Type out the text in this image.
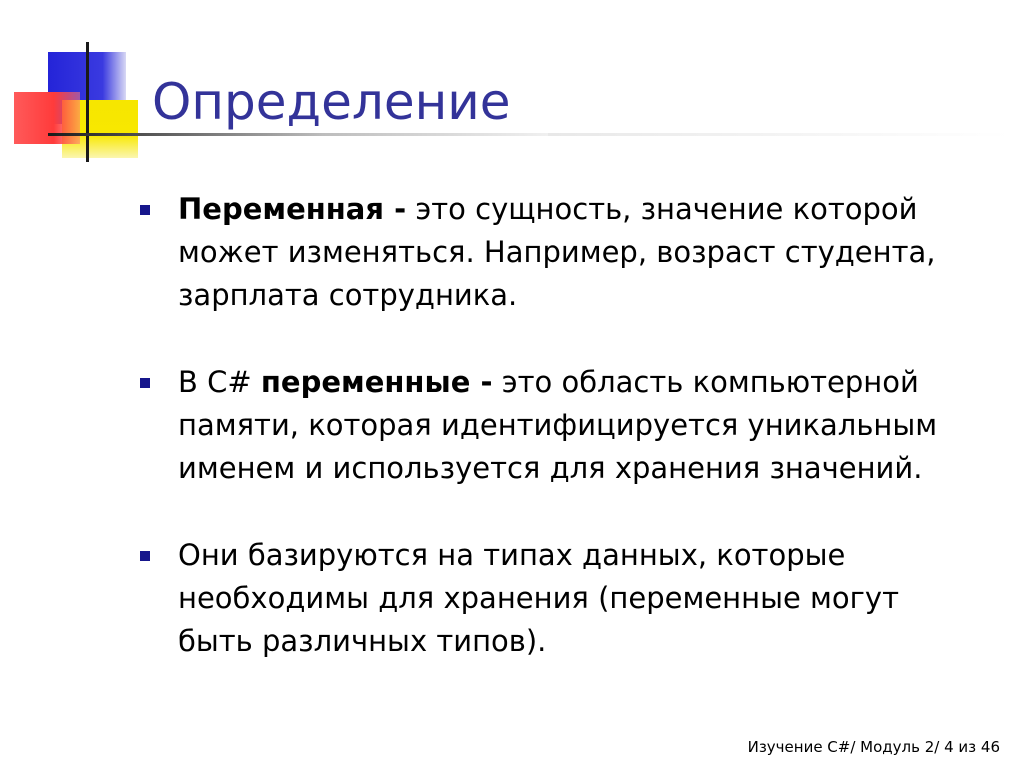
Определение
Переменная - это сущность, значение которой может изменяться. Например, возраст студента, зарплата сотрудника.
В С# переменные - это область компьютерной памяти, которая идентифицируется уникальным именем и используется для хранения значений.
Они базируются на типах данных, которые необходимы для хранения (переменные могут быть различных типов).
Изучение С#/ Модуль 2/ 4 из 46
